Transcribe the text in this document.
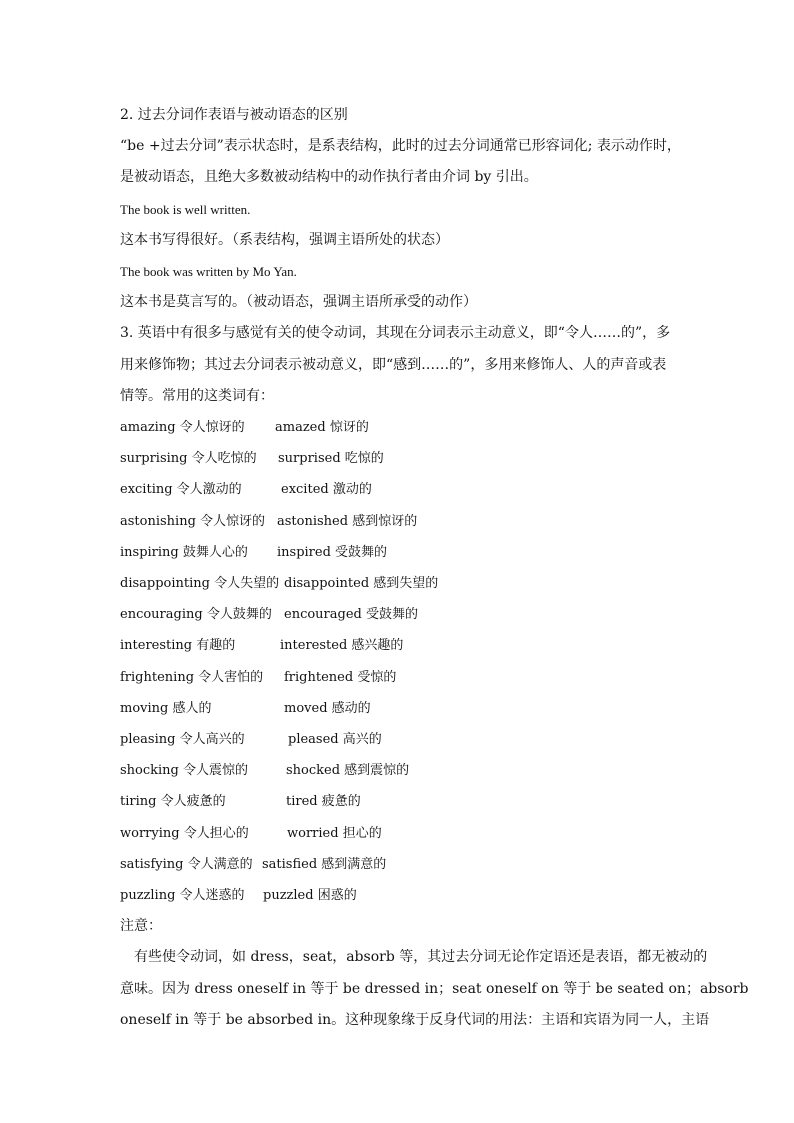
2. 过去分词作表语与被动语态的区别
“be +过去分词”表示状态时，是系表结构，此时的过去分词通常已形容词化; 表示动作时，
是被动语态，且绝大多数被动结构中的动作执行者由介词 by 引出。
The book is well written.
这本书写得很好。（系表结构，强调主语所处的状态）
The book was written by Mo Yan.
这本书是莫言写的。（被动语态，强调主语所承受的动作）
3. 英语中有很多与感觉有关的使令动词，其现在分词表示主动意义，即“令人……的”，多
用来修饰物；其过去分词表示被动意义，即“感到……的”，多用来修饰人、人的声音或表
情等。常用的这类词有：
amazing 令人惊讶的	amazed 惊讶的
surprising 令人吃惊的	surprised 吃惊的
exciting 令人激动的	excited 激动的
astonishing 令人惊讶的 astonished 感到惊讶的
inspiring 鼓舞人心的	inspired 受鼓舞的
disappointing 令人失望的 disappointed 感到失望的
encouraging 令人鼓舞的 encouraged 受鼓舞的
interesting 有趣的	interested 感兴趣的
frightening 令人害怕的	frightened 受惊的
moving 感人的	moved 感动的
pleasing 令人高兴的	pleased 高兴的
shocking 令人震惊的	shocked 感到震惊的
tiring 令人疲惫的	tired 疲惫的
worrying 令人担心的	worried 担心的
satisfying 令人满意的 satisfied 感到满意的
puzzling 令人迷惑的	puzzled 困惑的
注意：
有些使令动词，如 dress，seat，absorb 等，其过去分词无论作定语还是表语，都无被动的
意味。因为 dress oneself in 等于 be dressed in；seat oneself on 等于 be seated on；absorb
oneself in 等于 be absorbed in。这种现象缘于反身代词的用法：主语和宾语为同一人，主语
